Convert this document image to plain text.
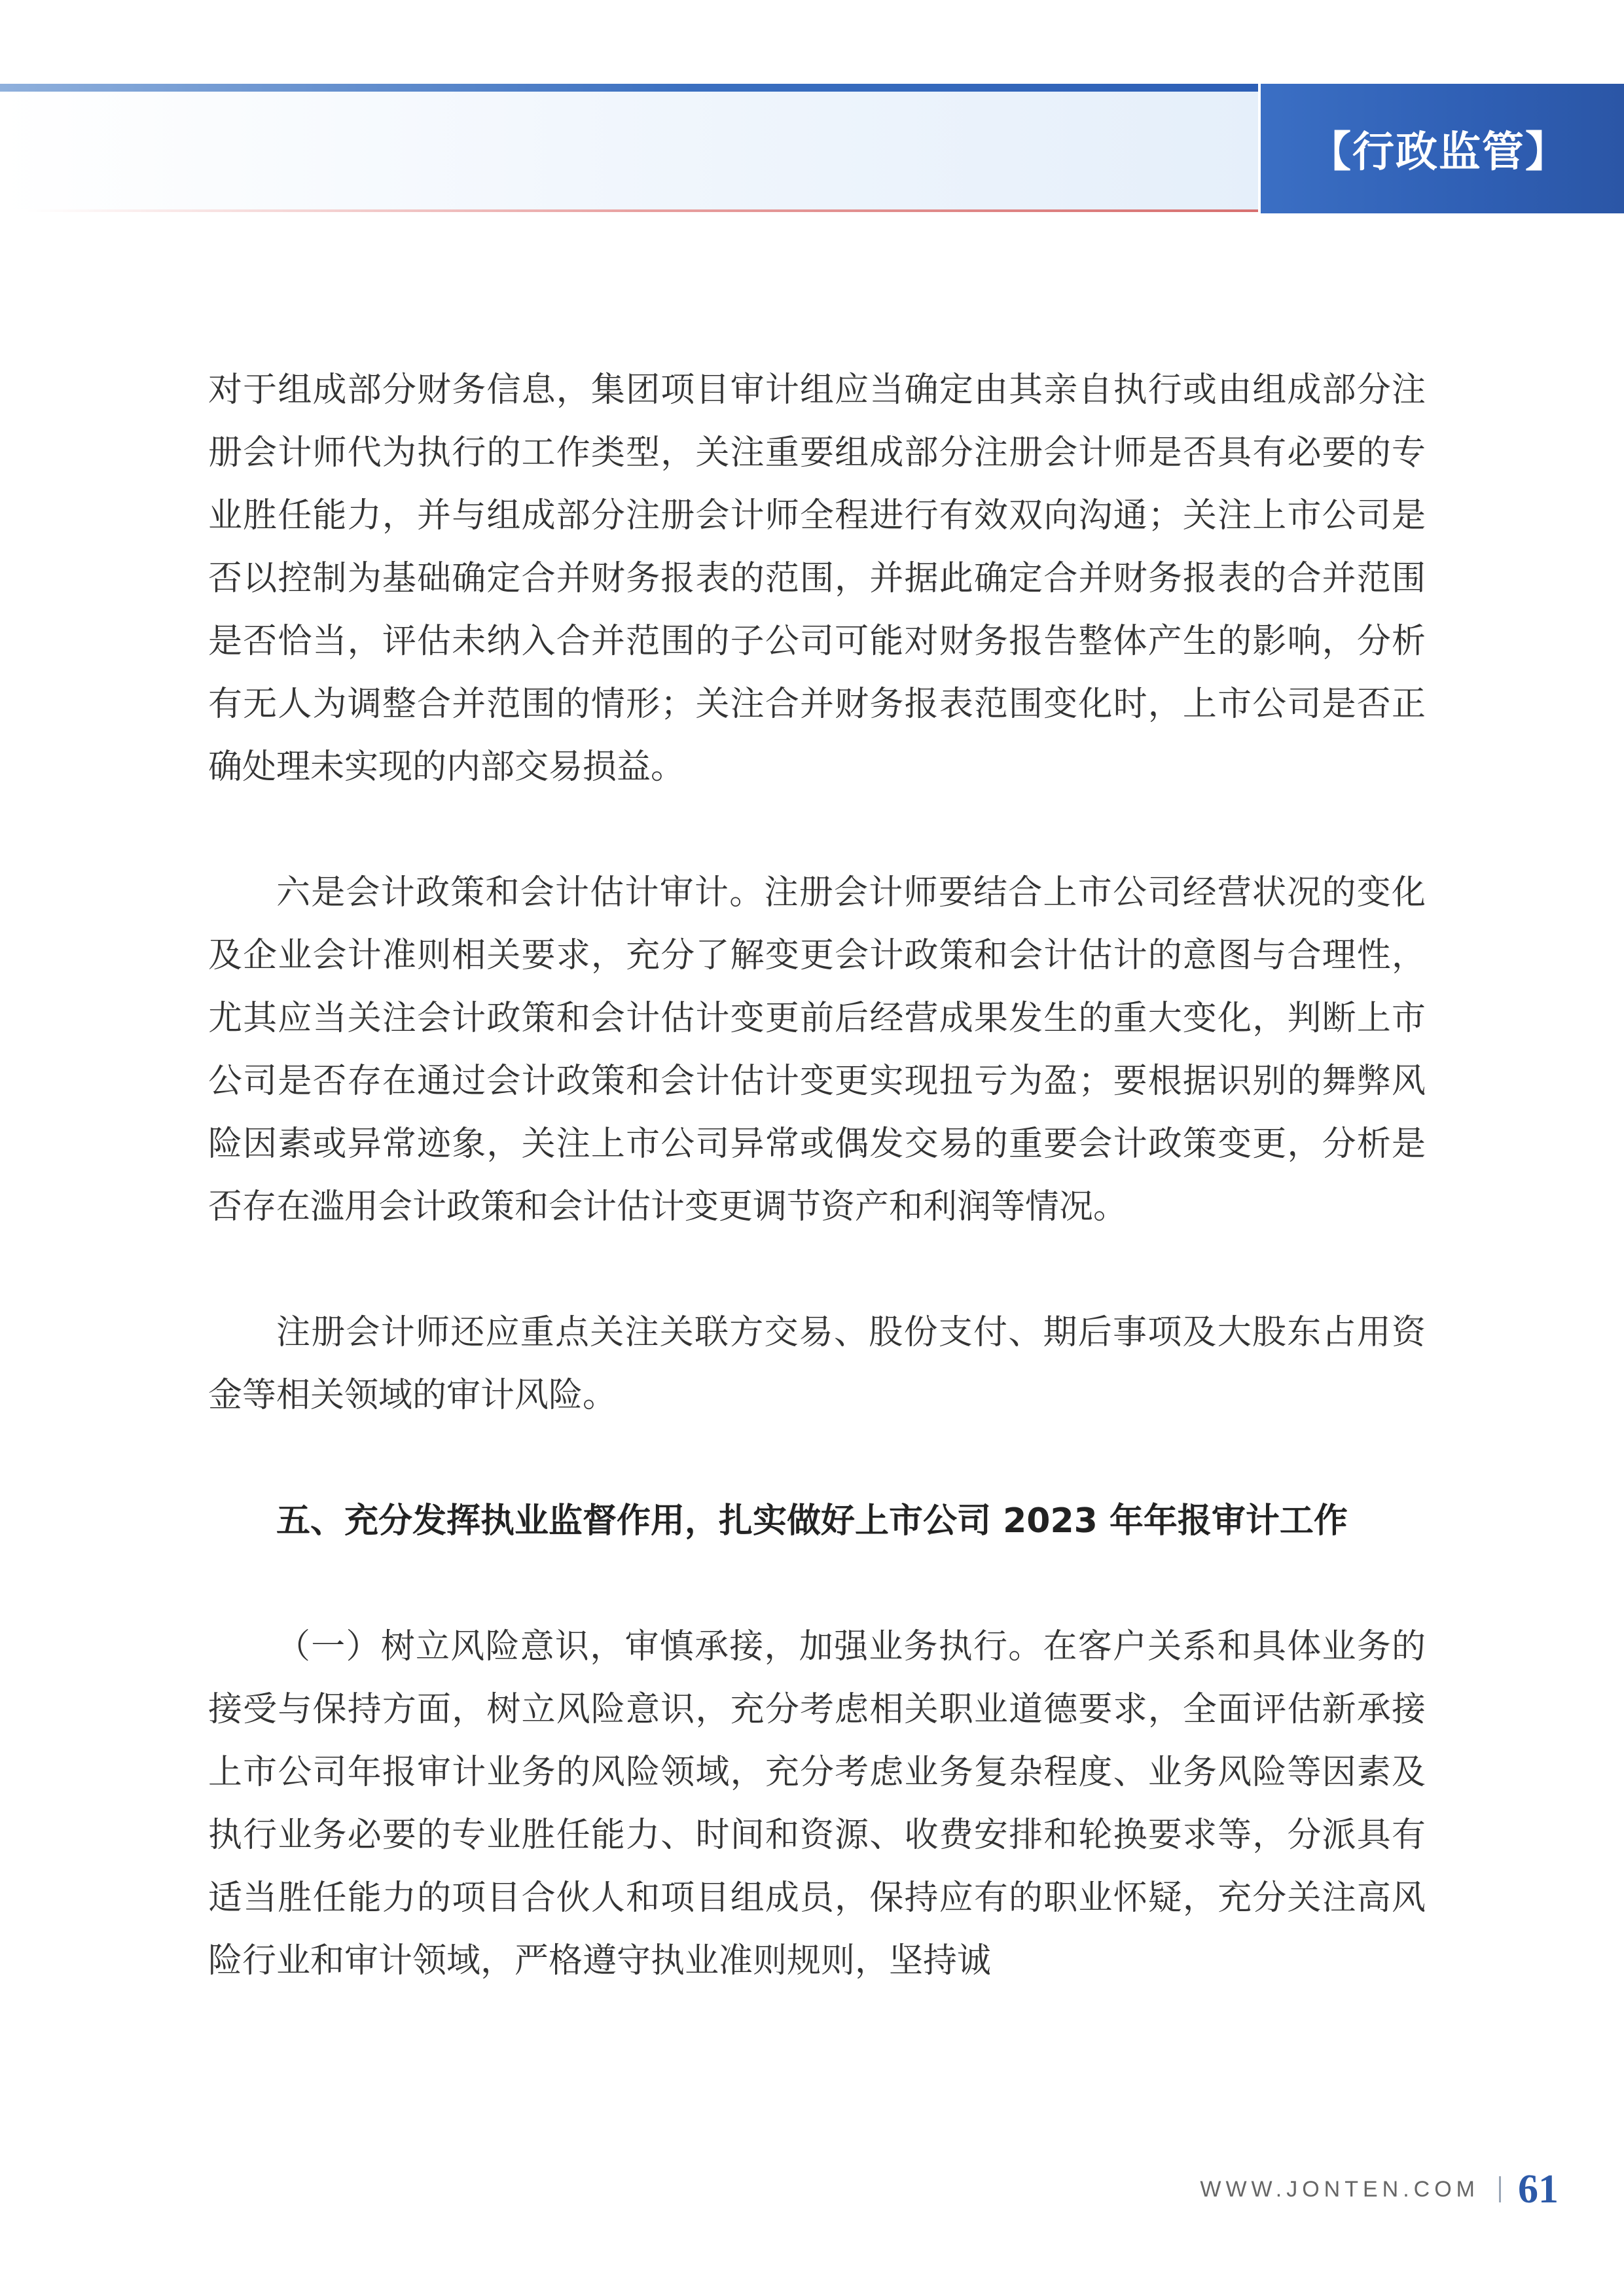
【行政监管】

对于组成部分财务信息，集团项目审计组应当确定由其亲自执行或由组成部分注册会计师代为执行的工作类型，关注重要组成部分注册会计师是否具有必要的专业胜任能力，并与组成部分注册会计师全程进行有效双向沟通；关注上市公司是否以控制为基础确定合并财务报表的范围，并据此确定合并财务报表的合并范围是否恰当，评估未纳入合并范围的子公司可能对财务报告整体产生的影响，分析有无人为调整合并范围的情形；关注合并财务报表范围变化时，上市公司是否正确处理未实现的内部交易损益。

六是会计政策和会计估计审计。注册会计师要结合上市公司经营状况的变化及企业会计准则相关要求，充分了解变更会计政策和会计估计的意图与合理性，尤其应当关注会计政策和会计估计变更前后经营成果发生的重大变化，判断上市公司是否存在通过会计政策和会计估计变更实现扭亏为盈；要根据识别的舞弊风险因素或异常迹象，关注上市公司异常或偶发交易的重要会计政策变更，分析是否存在滥用会计政策和会计估计变更调节资产和利润等情况。

注册会计师还应重点关注关联方交易、股份支付、期后事项及大股东占用资金等相关领域的审计风险。

五、充分发挥执业监督作用，扎实做好上市公司 2023 年年报审计工作

（一）树立风险意识，审慎承接，加强业务执行。在客户关系和具体业务的接受与保持方面，树立风险意识，充分考虑相关职业道德要求，全面评估新承接上市公司年报审计业务的风险领域，充分考虑业务复杂程度、业务风险等因素及执行业务必要的专业胜任能力、时间和资源、收费安排和轮换要求等，分派具有适当胜任能力的项目合伙人和项目组成员，保持应有的职业怀疑，充分关注高风险行业和审计领域，严格遵守执业准则规则，坚持诚

WWW.JONTEN.COM 61
